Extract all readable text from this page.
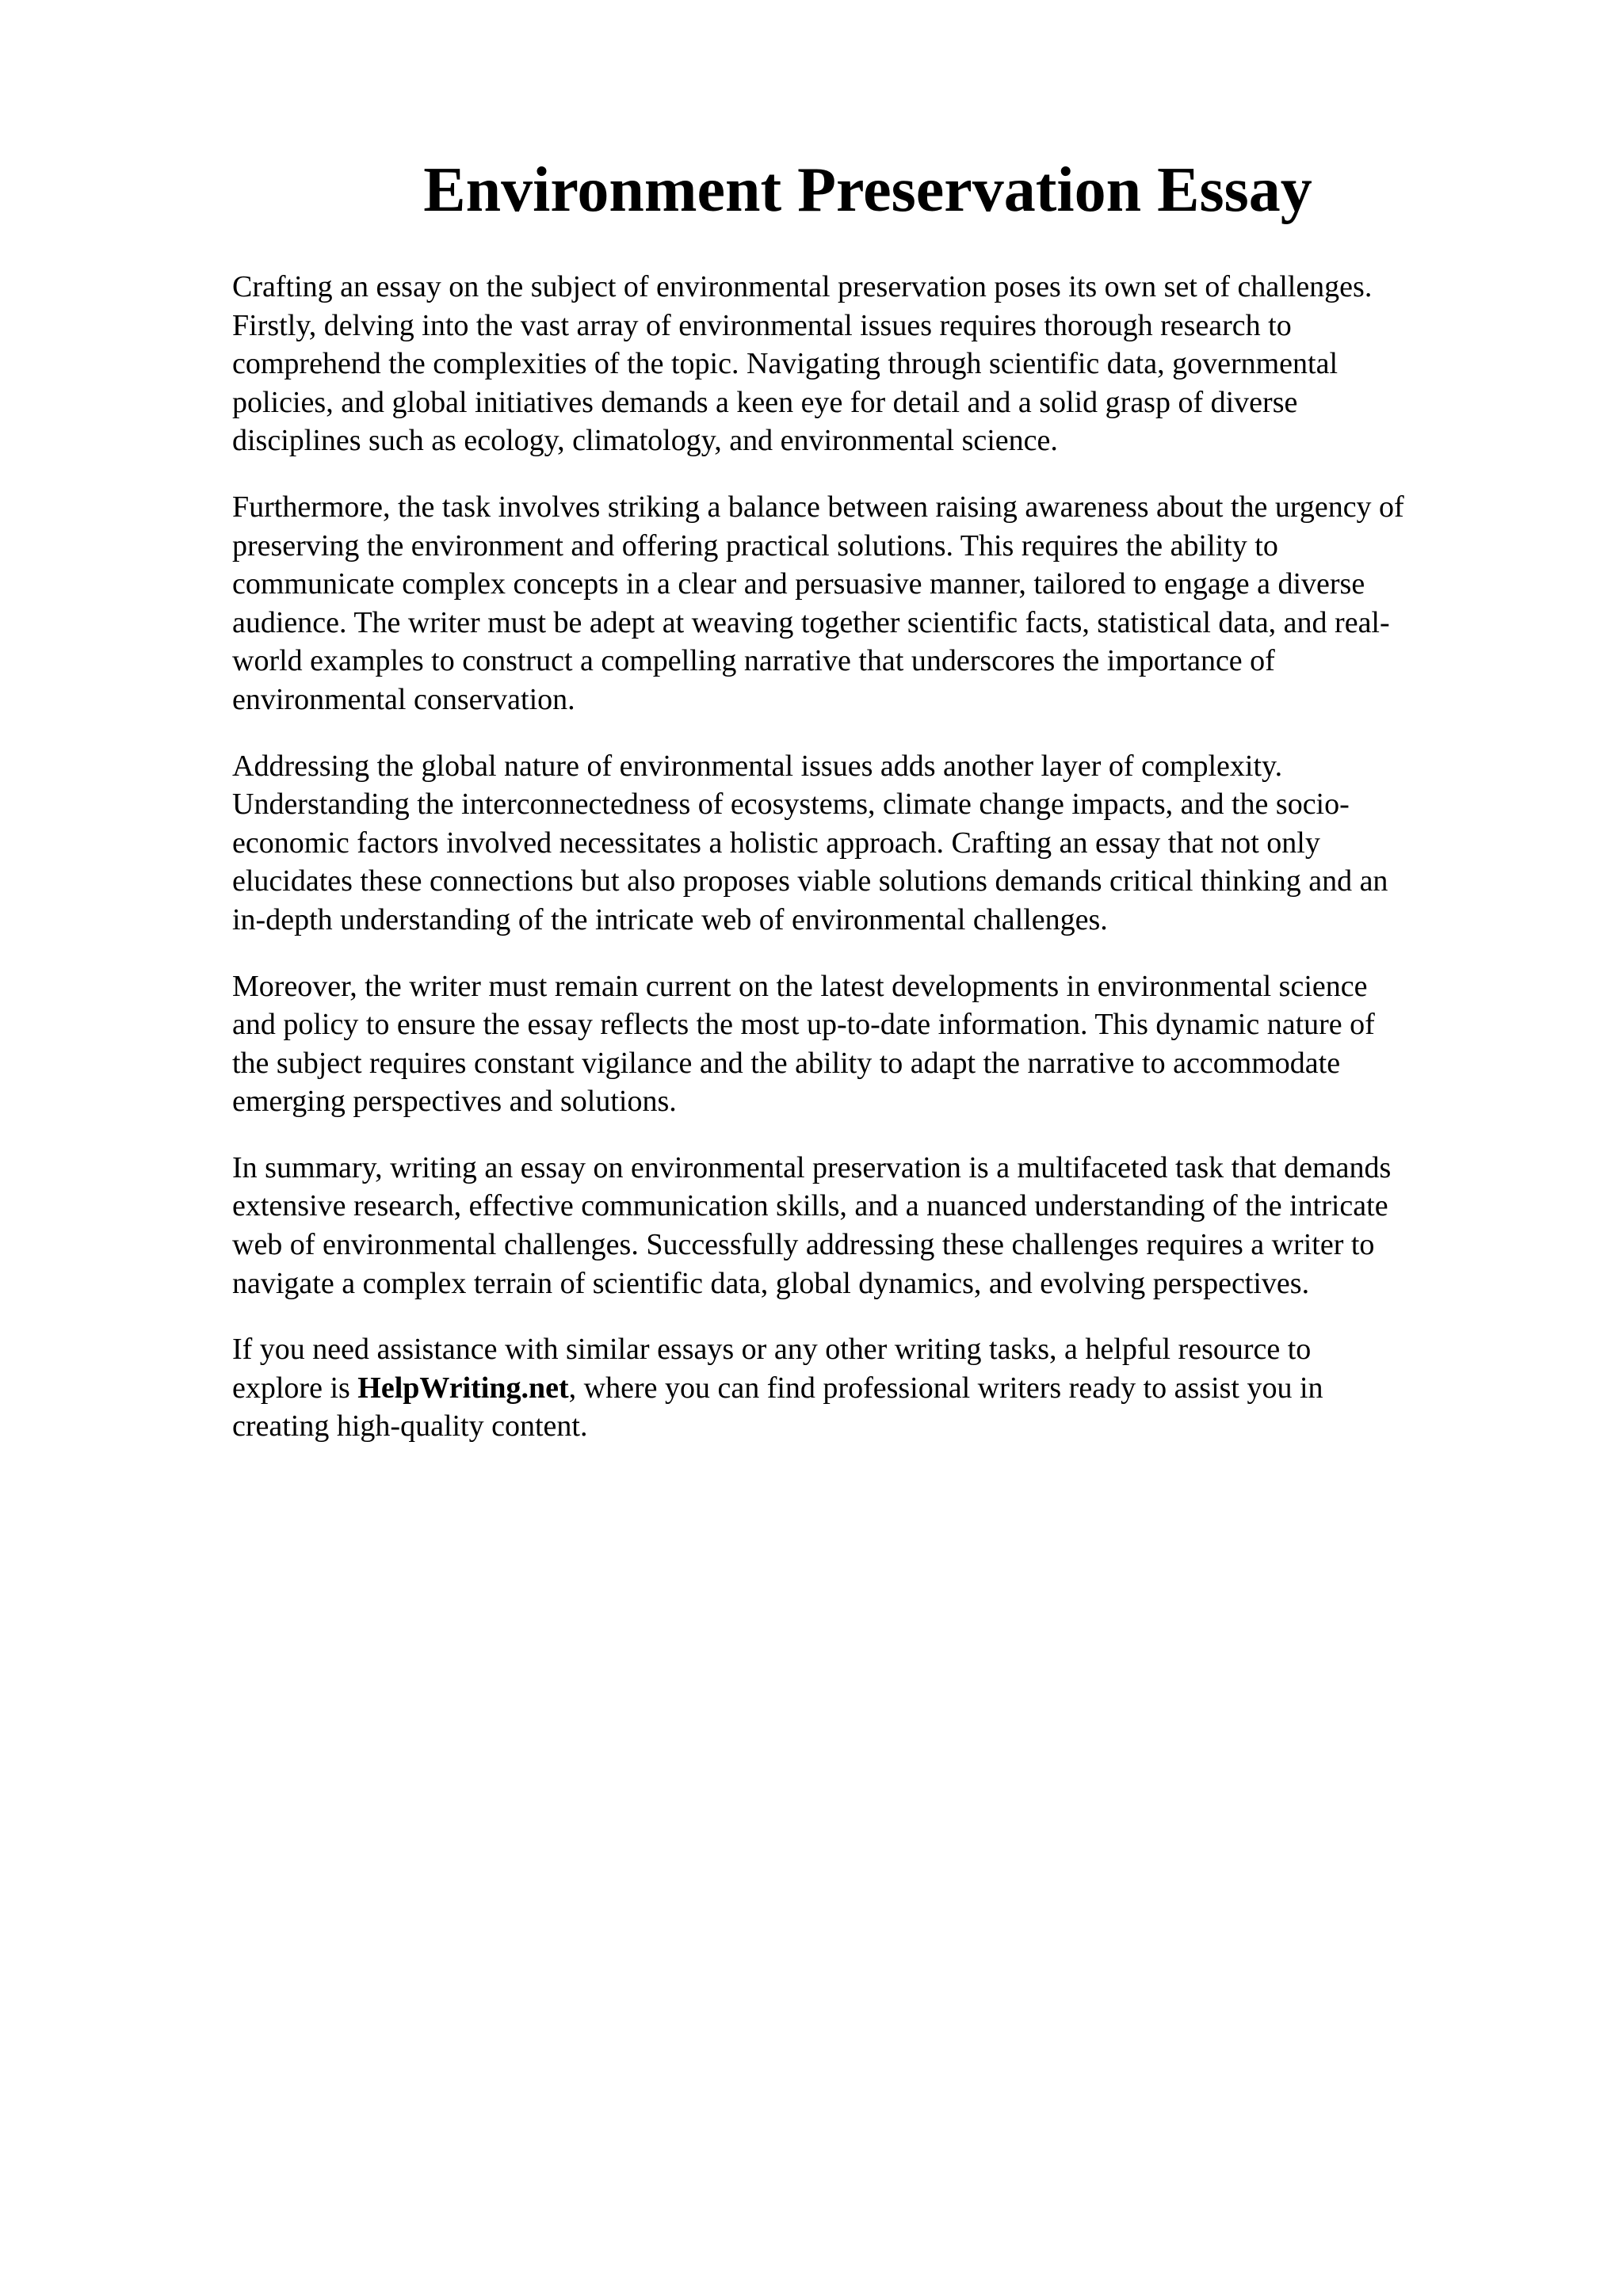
Environment Preservation Essay

Crafting an essay on the subject of environmental preservation poses its own set of challenges.
Firstly, delving into the vast array of environmental issues requires thorough research to
comprehend the complexities of the topic. Navigating through scientific data, governmental
policies, and global initiatives demands a keen eye for detail and a solid grasp of diverse
disciplines such as ecology, climatology, and environmental science.

Furthermore, the task involves striking a balance between raising awareness about the urgency of
preserving the environment and offering practical solutions. This requires the ability to
communicate complex concepts in a clear and persuasive manner, tailored to engage a diverse
audience. The writer must be adept at weaving together scientific facts, statistical data, and real-
world examples to construct a compelling narrative that underscores the importance of
environmental conservation.

Addressing the global nature of environmental issues adds another layer of complexity.
Understanding the interconnectedness of ecosystems, climate change impacts, and the socio-
economic factors involved necessitates a holistic approach. Crafting an essay that not only
elucidates these connections but also proposes viable solutions demands critical thinking and an
in-depth understanding of the intricate web of environmental challenges.

Moreover, the writer must remain current on the latest developments in environmental science
and policy to ensure the essay reflects the most up-to-date information. This dynamic nature of
the subject requires constant vigilance and the ability to adapt the narrative to accommodate
emerging perspectives and solutions.

In summary, writing an essay on environmental preservation is a multifaceted task that demands
extensive research, effective communication skills, and a nuanced understanding of the intricate
web of environmental challenges. Successfully addressing these challenges requires a writer to
navigate a complex terrain of scientific data, global dynamics, and evolving perspectives.

If you need assistance with similar essays or any other writing tasks, a helpful resource to
explore is HelpWriting.net, where you can find professional writers ready to assist you in
creating high-quality content.
